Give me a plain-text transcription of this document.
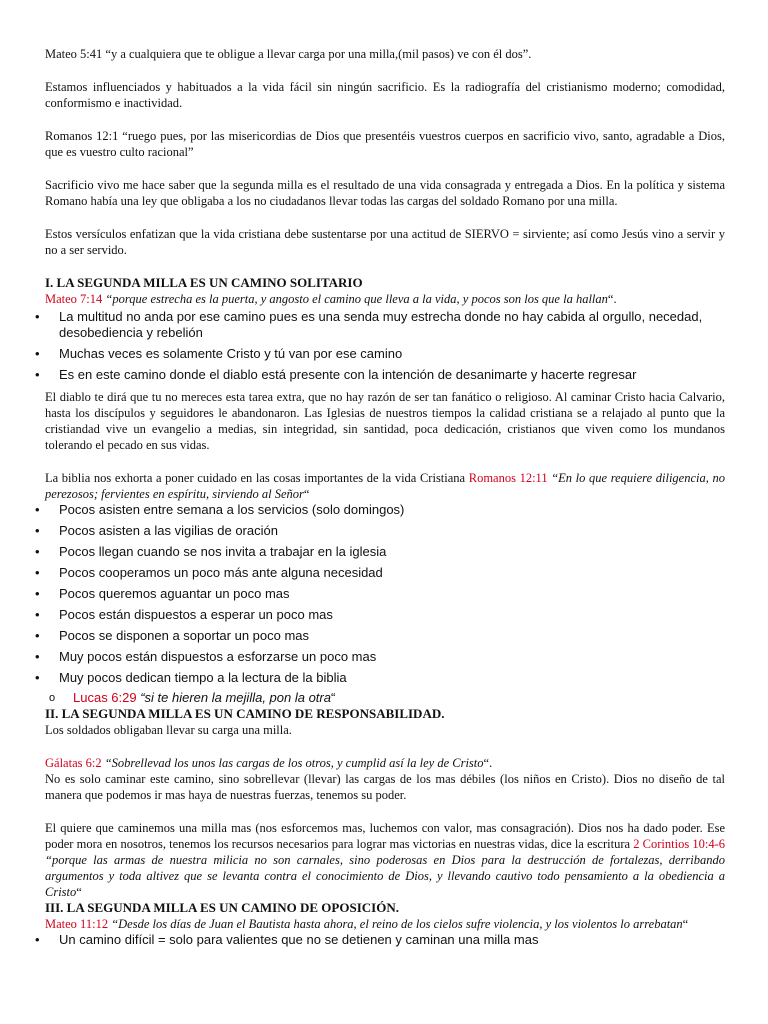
Mateo 5:41 “y a cualquiera que te obligue a llevar carga por una milla,(mil pasos) ve con él dos”.

Estamos influenciados y habituados a la vida fácil sin ningún sacrificio. Es la radiografía del cristianismo moderno; comodidad, conformismo e inactividad.

Romanos 12:1 “ruego pues, por las misericordias de Dios que presentéis vuestros cuerpos en sacrificio vivo, santo, agradable a Dios, que es vuestro culto racional”

Sacrificio vivo me hace saber que la segunda milla es el resultado de una vida consagrada y entregada a Dios. En la política y sistema Romano había una ley que obligaba a los no ciudadanos llevar todas las cargas del soldado Romano por una milla.

Estos versículos enfatizan que la vida cristiana debe sustentarse por una actitud de SIERVO = sirviente; así como Jesús vino a servir y no a ser servido.

I. LA SEGUNDA MILLA ES UN CAMINO SOLITARIO

Mateo 7:14 “porque estrecha es la puerta, y angosto el camino que lleva a la vida, y pocos son los que la hallan“.

• La multitud no anda por ese camino pues es una senda muy estrecha donde no hay cabida al orgullo, necedad, desobediencia y rebelión
• Muchas veces es solamente Cristo y tú van por ese camino
• Es en este camino donde el diablo está presente con la intención de desanimarte y hacerte regresar

El diablo te dirá que tu no mereces esta tarea extra, que no hay razón de ser tan fanático o religioso. Al caminar Cristo hacia Calvario, hasta los discípulos y seguidores le abandonaron. Las Iglesias de nuestros tiempos la calidad cristiana se a relajado al punto que la cristiandad vive un evangelio a medias, sin integridad, sin santidad, poca dedicación, cristianos que viven como los mundanos tolerando el pecado en sus vidas.

La biblia nos exhorta a poner cuidado en las cosas importantes de la vida Cristiana Romanos 12:11 “En lo que requiere diligencia, no perezosos; fervientes en espíritu, sirviendo al Señor“

• Pocos asisten entre semana a los servicios (solo domingos)
• Pocos asisten a las vigilias de oración
• Pocos llegan cuando se nos invita a trabajar en la iglesia
• Pocos cooperamos un poco más ante alguna necesidad
• Pocos queremos aguantar un poco mas
• Pocos están dispuestos a esperar un poco mas
• Pocos se disponen a soportar un poco mas
• Muy pocos están dispuestos a esforzarse un poco mas
• Muy pocos dedican tiempo a la lectura de la biblia
o Lucas 6:29 “si te hieren la mejilla, pon la otra“

II. LA SEGUNDA MILLA ES UN CAMINO DE RESPONSABILIDAD.

Los soldados obligaban llevar su carga una milla.

Gálatas 6:2 “Sobrellevad los unos las cargas de los otros, y cumplid así la ley de Cristo“.

No es solo caminar este camino, sino sobrellevar (llevar) las cargas de los mas débiles (los niños en Cristo). Dios no diseño de tal manera que podemos ir mas haya de nuestras fuerzas, tenemos su poder.

El quiere que caminemos una milla mas (nos esforcemos mas, luchemos con valor, mas consagración). Dios nos ha dado poder. Ese poder mora en nosotros, tenemos los recursos necesarios para lograr mas victorias en nuestras vidas, dice la escritura 2 Corintios 10:4-6 “porque las armas de nuestra milicia no son carnales, sino poderosas en Dios para la destrucción de fortalezas, derribando argumentos y toda altivez que se levanta contra el conocimiento de Dios, y llevando cautivo todo pensamiento a la obediencia a Cristo“

III. LA SEGUNDA MILLA ES UN CAMINO DE OPOSICIÓN.

Mateo 11:12 “Desde los días de Juan el Bautista hasta ahora, el reino de los cielos sufre violencia, y los violentos lo arrebatan“

• Un camino difícil = solo para valientes que no se detienen y caminan una milla mas
